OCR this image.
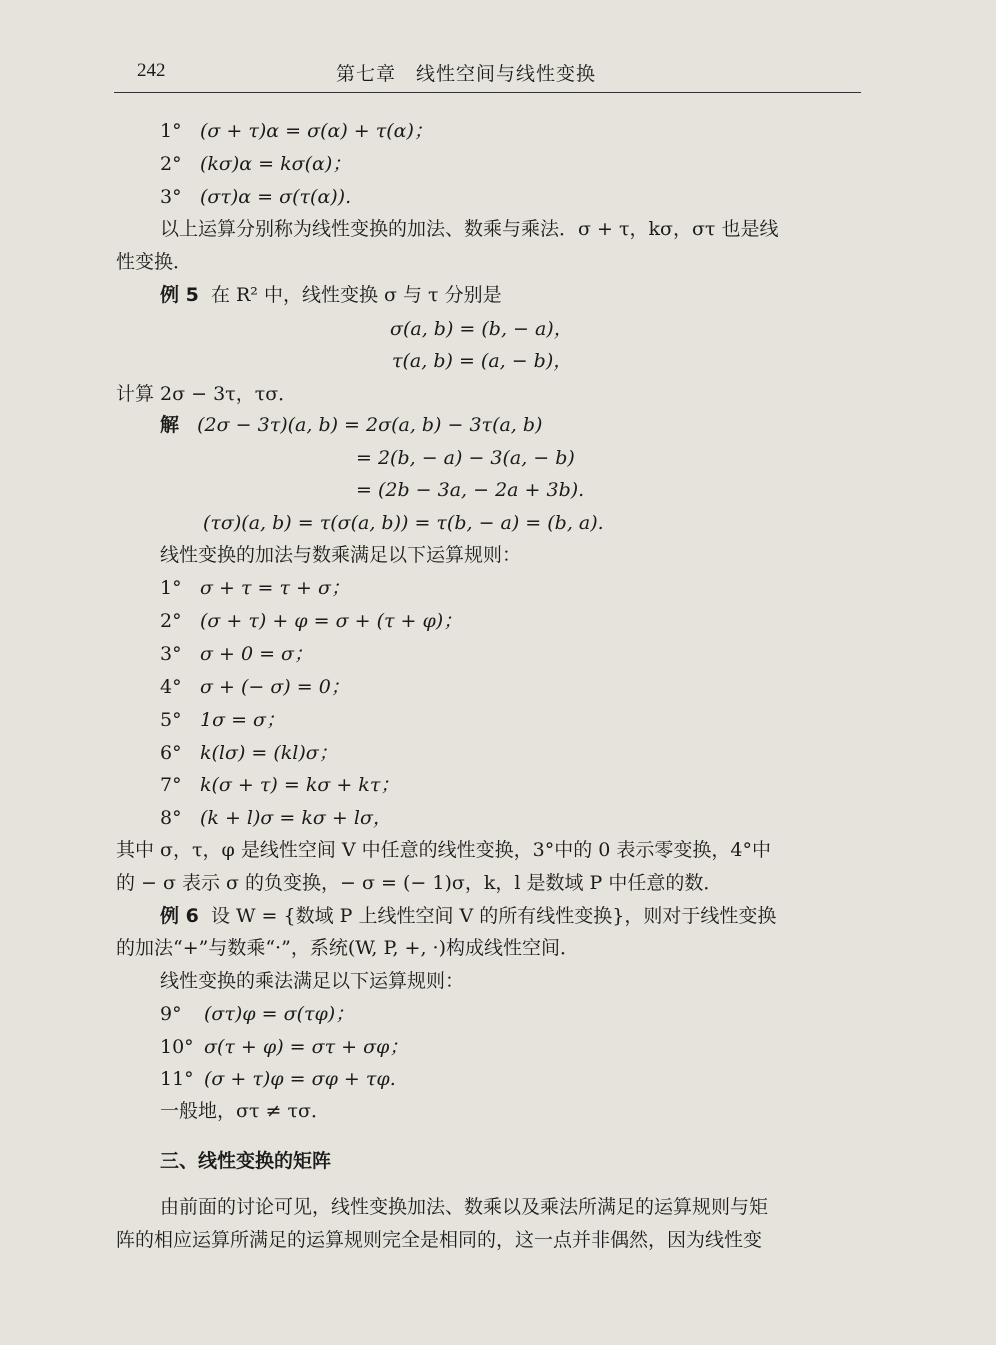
242	第七章　线性空间与线性变换
1° (σ + τ)α = σ(α) + τ(α)；
2° (kσ)α = kσ(α)；
3° (στ)α = σ(τ(α)).
以上运算分别称为线性变换的加法、数乘与乘法．σ + τ，kσ，στ 也是线
性变换．
例 5 在 R² 中，线性变换 σ 与 τ 分别是
σ(a, b) = (b, − a)，
τ(a, b) = (a, − b)，
计算 2σ − 3τ，τσ．
解 (2σ − 3τ)(a, b) = 2σ(a, b) − 3τ(a, b)
= 2(b, − a) − 3(a, − b)
= (2b − 3a, − 2a + 3b).
(τσ)(a, b) = τ(σ(a, b)) = τ(b, − a) = (b, a).
线性变换的加法与数乘满足以下运算规则：
1° σ + τ = τ + σ；
2° (σ + τ) + φ = σ + (τ + φ)；
3° σ + 0 = σ；
4° σ + (− σ) = 0；
5° 1σ = σ；
6° k(lσ) = (kl)σ；
7° k(σ + τ) = kσ + kτ；
8° (k + l)σ = kσ + lσ，
其中 σ，τ，φ 是线性空间 V 中任意的线性变换，3°中的 0 表示零变换，4°中
的 − σ 表示 σ 的负变换，− σ = (− 1)σ，k，l 是数域 P 中任意的数．
例 6 设 W = {数域 P 上线性空间 V 的所有线性变换}，则对于线性变换
的加法“+”与数乘“·”，系统(W, P, +, ·)构成线性空间．
线性变换的乘法满足以下运算规则：
9° (στ)φ = σ(τφ)；
10° σ(τ + φ) = στ + σφ；
11° (σ + τ)φ = σφ + τφ.
一般地，στ ≠ τσ．
三、线性变换的矩阵
由前面的讨论可见，线性变换加法、数乘以及乘法所满足的运算规则与矩
阵的相应运算所满足的运算规则完全是相同的，这一点并非偶然，因为线性变
